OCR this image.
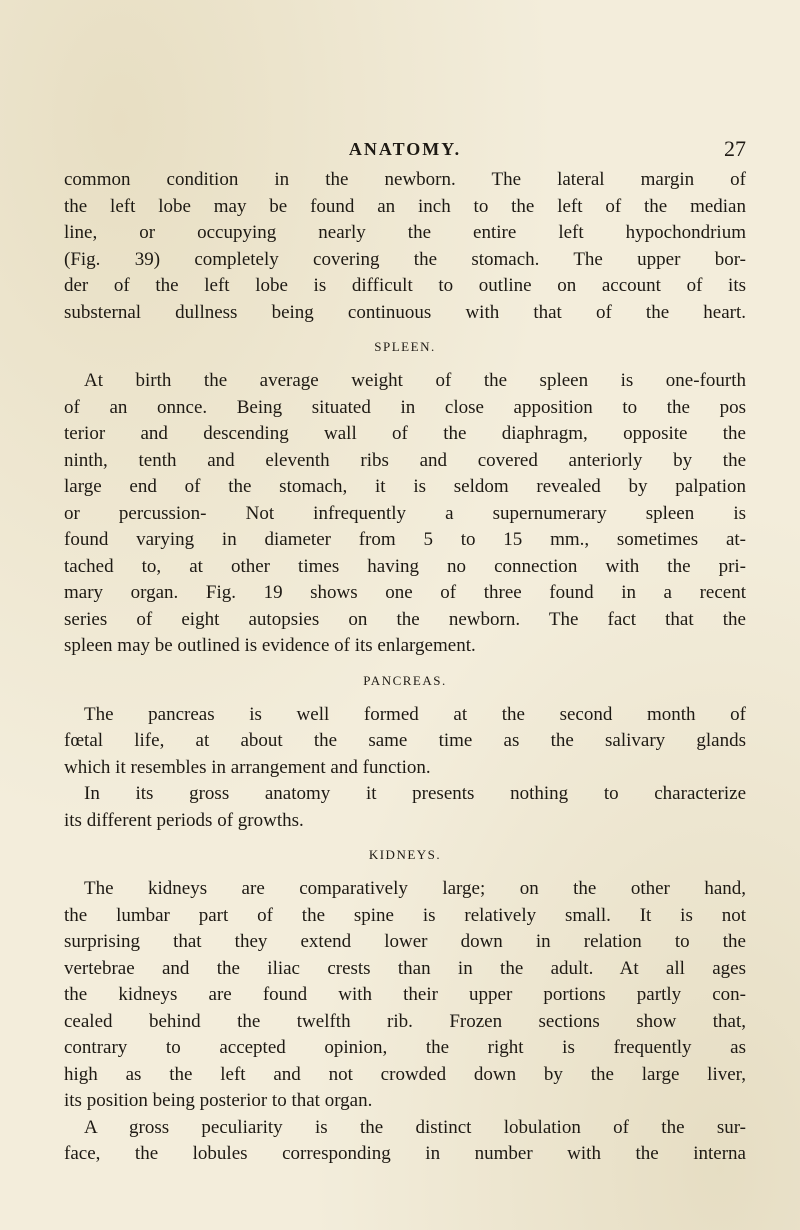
ANATOMY.	27

common condition in the newborn. The lateral margin of

the left lobe may be found an inch to the left of the median

line, or occupying nearly the entire left hypochondrium

(Fig. 39) completely covering the stomach. The upper bor-

der of the left lobe is difficult to outline on account of its

substernal dullness being continuous with that of the heart.

SPLEEN.

At birth the average weight of the spleen is one-fourth

of an onnce. Being situated in close apposition to the pos

terior and descending wall of the diaphragm, opposite the

ninth, tenth and eleventh ribs and covered anteriorly by the

large end of the stomach, it is seldom revealed by palpation

or percussion- Not infrequently a supernumerary spleen is

found varying in diameter from 5 to 15 mm., sometimes at-

tached to, at other times having no connection with the pri-

mary organ. Fig. 19 shows one of three found in a recent

series of eight autopsies on the newborn. The fact that the

spleen may be outlined is evidence of its enlargement.

PANCREAS.

The pancreas is well formed at the second month of

fœtal life, at about the same time as the salivary glands

which it resembles in arrangement and function.

In its gross anatomy it presents nothing to characterize

its different periods of growths.

KIDNEYS.

The kidneys are comparatively large; on the other hand,

the lumbar part of the spine is relatively small. It is not

surprising that they extend lower down in relation to the

vertebrae and the iliac crests than in the adult. At all ages

the kidneys are found with their upper portions partly con-

cealed behind the twelfth rib. Frozen sections show that,

contrary to accepted opinion, the right is frequently as

high as the left and not crowded down by the large liver,

its position being posterior to that organ.

A gross peculiarity is the distinct lobulation of the sur-

face, the lobules corresponding in number with the interna
